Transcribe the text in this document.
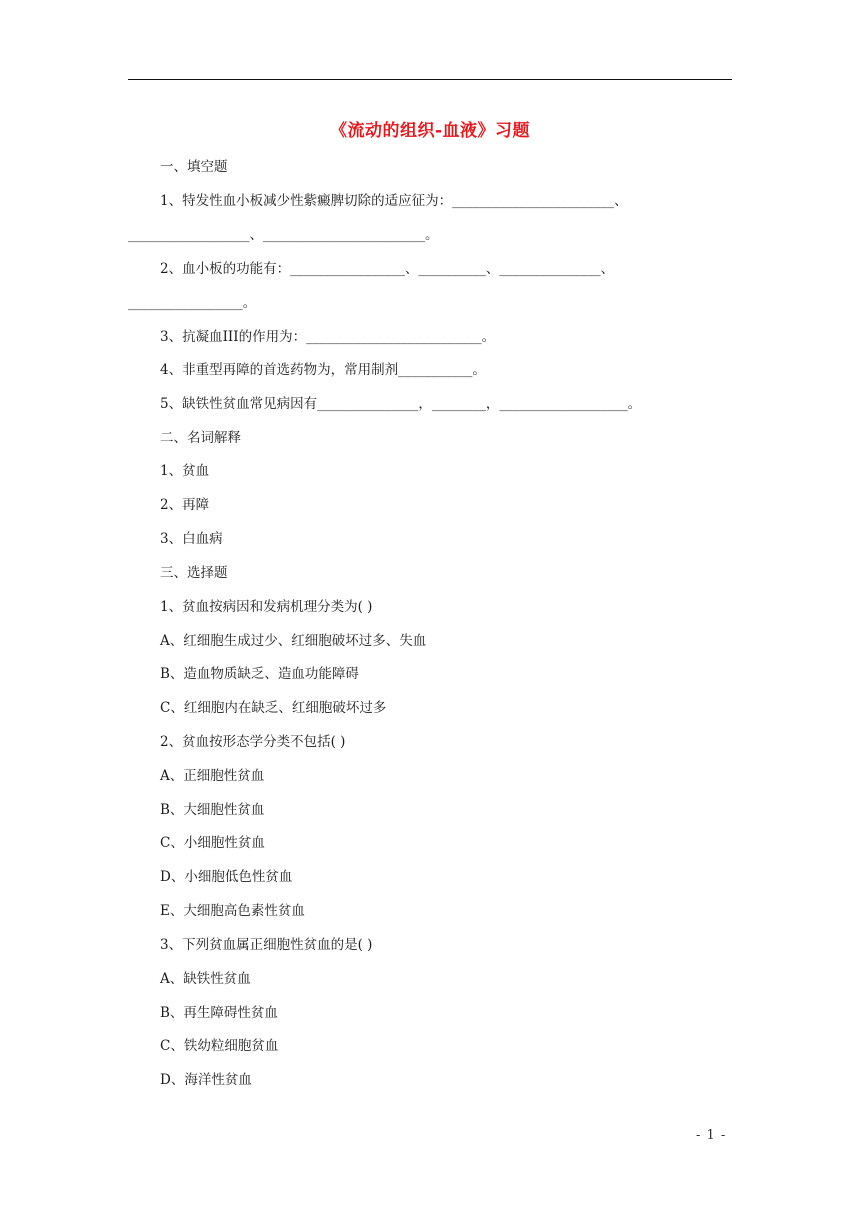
《流动的组织-血液》习题
一、填空题
1、特发性血小板减少性紫癜脾切除的适应征为：________________________、
__________________、________________________。
2、血小板的功能有：_________________、__________、_______________、
_________________。
3、抗凝血III的作用为：__________________________。
4、非重型再障的首选药物为，常用制剂___________。
5、缺铁性贫血常见病因有_______________，________，___________________。
二、名词解释
1、贫血
2、再障
3、白血病
三、选择题
1、贫血按病因和发病机理分类为( )
A、红细胞生成过少、红细胞破坏过多、失血
B、造血物质缺乏、造血功能障碍
C、红细胞内在缺乏、红细胞破坏过多
2、贫血按形态学分类不包括( )
A、正细胞性贫血
B、大细胞性贫血
C、小细胞性贫血
D、小细胞低色性贫血
E、大细胞高色素性贫血
3、下列贫血属正细胞性贫血的是( )
A、缺铁性贫血
B、再生障碍性贫血
C、铁幼粒细胞贫血
D、海洋性贫血
- 1 -
